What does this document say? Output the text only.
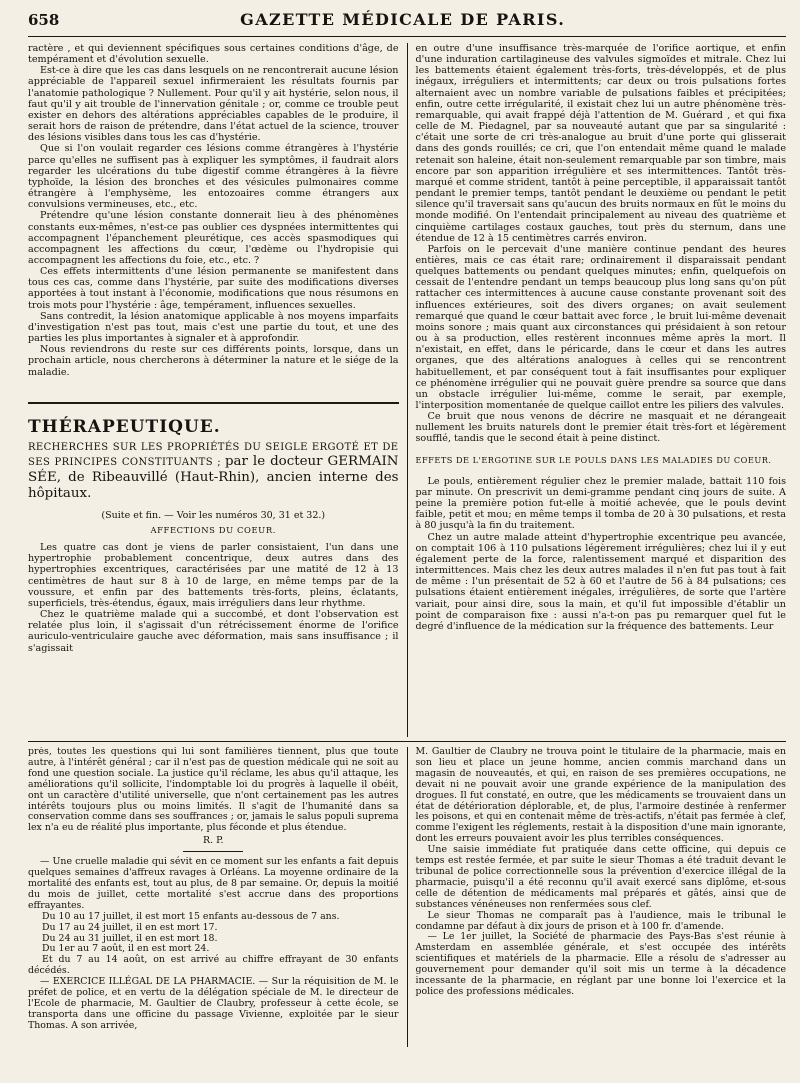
658	GAZETTE MÉDICALE DE PARIS.

ractère , et qui deviennent spécifiques sous certaines conditions d'âge, de tempérament et d'évolution sexuelle.

Est-ce à dire que les cas dans lesquels on ne rencontrerait aucune lésion appréciable de l'appareil sexuel infirmeraient les résultats fournis par l'anatomie pathologique ? Nullement. Pour qu'il y ait hystérie, selon nous, il faut qu'il y ait trouble de l'innervation génitale ; or, comme ce trouble peut exister en dehors des altérations appréciables capables de le produire, il serait hors de raison de prétendre, dans l'état actuel de la science, trouver des lésions visibles dans tous les cas d'hystérie.

Que si l'on voulait regarder ces lésions comme étrangères à l'hystérie parce qu'elles ne suffisent pas à expliquer les symptômes, il faudrait alors regarder les ulcérations du tube digestif comme étrangères à la fièvre typhoïde, la lésion des bronches et des vésicules pulmonaires comme étrangère à l'emphysème, les entozoaires comme étrangers aux convulsions vermineuses, etc., etc.

Prétendre qu'une lésion constante donnerait lieu à des phénomènes constants eux-mêmes, n'est-ce pas oublier ces dyspnées intermittentes qui accompagnent l'épanchement pleurétique, ces accès spasmodiques qui accompagnent les affections du cœur, l'œdème ou l'hydropisie qui accompagnent les affections du foie, etc., etc. ?

Ces effets intermittents d'une lésion permanente se manifestent dans tous ces cas, comme dans l'hystérie, par suite des modifications diverses apportées à tout instant à l'économie, modifications que nous résumons en trois mots pour l'hystérie : âge, tempérament, influences sexuelles.

Sans contredit, la lésion anatomique applicable à nos moyens imparfaits d'investigation n'est pas tout, mais c'est une partie du tout, et une des parties les plus importantes à signaler et à approfondir.

Nous reviendrons du reste sur ces différents points, lorsque, dans un prochain article, nous chercherons à déterminer la nature et le siége de la maladie.

THÉRAPEUTIQUE.
RECHERCHES SUR LES PROPRIÉTÉS DU SEIGLE ERGOTÉ ET DE SES PRINCIPES CONSTITUANTS ; par le docteur GERMAIN SÉE, de Ribeauvillé (Haut-Rhin), ancien interne des hôpitaux.
(Suite et fin. — Voir les numéros 30, 31 et 32.)
AFFECTIONS DU COEUR.

Les quatre cas dont je viens de parler consistaient, l'un dans une hypertrophie probablement concentrique, deux autres dans des hypertrophies excentriques, caractérisées par une matité de 12 à 13 centimètres de haut sur 8 à 10 de large, en même temps par de la voussure, et enfin par des battements très-forts, pleins, éclatants, superficiels, très-étendus, égaux, mais irréguliers dans leur rhythme.

Chez le quatrième malade qui a succombé, et dont l'observation est relatée plus loin, il s'agissait d'un rétrécissement énorme de l'orifice auriculo-ventriculaire gauche avec déformation, mais sans insuffisance ; il s'agissait

en outre d'une insuffisance très-marquée de l'orifice aortique, et enfin d'une induration cartilagineuse des valvules sigmoïdes et mitrale. Chez lui les battements étaient également très-forts, très-développés, et de plus inégaux, irréguliers et intermittents; car deux ou trois pulsations fortes alternaient avec un nombre variable de pulsations faibles et précipitées; enfin, outre cette irrégularité, il existait chez lui un autre phénomène très-remarquable, qui avait frappé déjà l'attention de M. Guérard , et qui fixa celle de M. Piedagnel, par sa nouveauté autant que par sa singularité : c'était une sorte de cri très-analogue au bruit d'une porte qui glisserait dans des gonds rouillés; ce cri, que l'on entendait même quand le malade retenait son haleine, était non-seulement remarquable par son timbre, mais encore par son apparition irrégulière et ses intermittences. Tantôt très-marqué et comme strident, tantôt à peine perceptible, il apparaissait tantôt pendant le premier temps, tantôt pendant le deuxième ou pendant le petit silence qu'il traversait sans qu'aucun des bruits normaux en fût le moins du monde modifié. On l'entendait principalement au niveau des quatrième et cinquième cartilages costaux gauches, tout près du sternum, dans une étendue de 12 à 15 centimètres carrés environ.

Parfois on le percevait d'une manière continue pendant des heures entières, mais ce cas était rare; ordinairement il disparaissait pendant quelques battements ou pendant quelques minutes; enfin, quelquefois on cessait de l'entendre pendant un temps beaucoup plus long sans qu'on pût rattacher ces intermittences à aucune cause constante provenant soit des influences extérieures, soit des divers organes; on avait seulement remarqué que quand le cœur battait avec force , le bruit lui-même devenait moins sonore ; mais quant aux circonstances qui présidaient à son retour ou à sa production, elles restèrent inconnues même après la mort. Il n'existait, en effet, dans le péricarde, dans le cœur et dans les autres organes, que des altérations analogues à celles qui se rencontrent habituellement, et par conséquent tout à fait insuffisantes pour expliquer ce phénomène irrégulier qui ne pouvait guère prendre sa source que dans un obstacle irrégulier lui-même, comme le serait, par exemple, l'interposition momentanée de quelque caillot entre les piliers des valvules.

Ce bruit que nous venons de décrire ne masquait et ne dérangeait nullement les bruits naturels dont le premier était très-fort et légèrement soufflé, tandis que le second était à peine distinct.

EFFETS DE L'ERGOTINE SUR LE POULS DANS LES MALADIES DU COEUR.

Le pouls, entièrement régulier chez le premier malade, battait 110 fois par minute. On prescrivit un demi-gramme pendant cinq jours de suite. A peine la première potion fut-elle à moitié achevée, que le pouls devint faible, petit et mou; en même temps il tomba de 20 à 30 pulsations, et resta à 80 jusqu'à la fin du traitement.

Chez un autre malade atteint d'hypertrophie excentrique peu avancée, on comptait 106 à 110 pulsations légèrement irrégulières; chez lui il y eut également perte de la force, ralentissement marqué et disparition des intermittences. Mais chez les deux autres malades il n'en fut pas tout à fait de même : l'un présentait de 52 à 60 et l'autre de 56 à 84 pulsations; ces pulsations étaient entièrement inégales, irrégulières, de sorte que l'artère variait, pour ainsi dire, sous la main, et qu'il fut impossible d'établir un point de comparaison fixe : aussi n'a-t-on pas pu remarquer quel fut le degré d'influence de la médication sur la fréquence des battements. Leur

près, toutes les questions qui lui sont familières tiennent, plus que toute autre, à l'intérêt général ; car il n'est pas de question médicale qui ne soit au fond une question sociale. La justice qu'il réclame, les abus qu'il attaque, les améliorations qu'il sollicite, l'indomptable loi du progrès à laquelle il obéit, ont un caractère d'utilité universelle, que n'ont certainement pas les autres intérêts toujours plus ou moins limités. Il s'agit de l'humanité dans sa conservation comme dans ses souffrances ; or, jamais le salus populi suprema lex n'a eu de réalité plus importante, plus féconde et plus étendue.

R. P.

— Une cruelle maladie qui sévit en ce moment sur les enfants a fait depuis quelques semaines d'affreux ravages à Orléans. La moyenne ordinaire de la mortalité des enfants est, tout au plus, de 8 par semaine. Or, depuis la moitié du mois de juillet, cette mortalité s'est accrue dans des proportions effrayantes.

Du 10 au 17 juillet, il est mort 15 enfants au-dessous de 7 ans.
Du 17 au 24 juillet, il en est mort 17.
Du 24 au 31 juillet, il en est mort 18.
Du 1er au 7 août, il en est mort 24.
Et du 7 au 14 août, on est arrivé au chiffre effrayant de 30 enfants décédés.

— EXERCICE ILLÉGAL DE LA PHARMACIE. — Sur la réquisition de M. le préfet de police, et en vertu de la délégation spéciale de M. le directeur de l'Ecole de pharmacie, M. Gaultier de Claubry, professeur à cette école, se transporta dans une officine du passage Vivienne, exploitée par le sieur Thomas. A son arrivée,

M. Gaultier de Claubry ne trouva point le titulaire de la pharmacie, mais en son lieu et place un jeune homme, ancien commis marchand dans un magasin de nouveautés, et qui, en raison de ses premières occupations, ne devait ni ne pouvait avoir une grande expérience de la manipulation des drogues. Il fut constaté, en outre, que les médicaments se trouvaient dans un état de détérioration déplorable, et, de plus, l'armoire destinée à renfermer les poisons, et qui en contenait même de très-actifs, n'était pas fermée à clef, comme l'exigent les réglements, restait à la disposition d'une main ignorante, dont les erreurs pouvaient avoir les plus terribles conséquences.

Une saisie immédiate fut pratiquée dans cette officine, qui depuis ce temps est restée fermée, et par suite le sieur Thomas a été traduit devant le tribunal de police correctionnelle sous la prévention d'exercice illégal de la pharmacie, puisqu'il a été reconnu qu'il avait exercé sans diplôme, et-sous celle de détention de médicaments mal préparés et gâtés, ainsi que de substances vénéneuses non renfermées sous clef.

Le sieur Thomas ne comparaît pas à l'audience, mais le tribunal le condamne par défaut à dix jours de prison et à 100 fr. d'amende.

— Le 1er juillet, la Société de pharmacie des Pays-Bas s'est réunie à Amsterdam en assemblée générale, et s'est occupée des intérêts scientifiques et matériels de la pharmacie. Elle a résolu de s'adresser au gouvernement pour demander qu'il soit mis un terme à la décadence incessante de la pharmacie, en réglant par une bonne loi l'exercice et la police des professions médicales.
